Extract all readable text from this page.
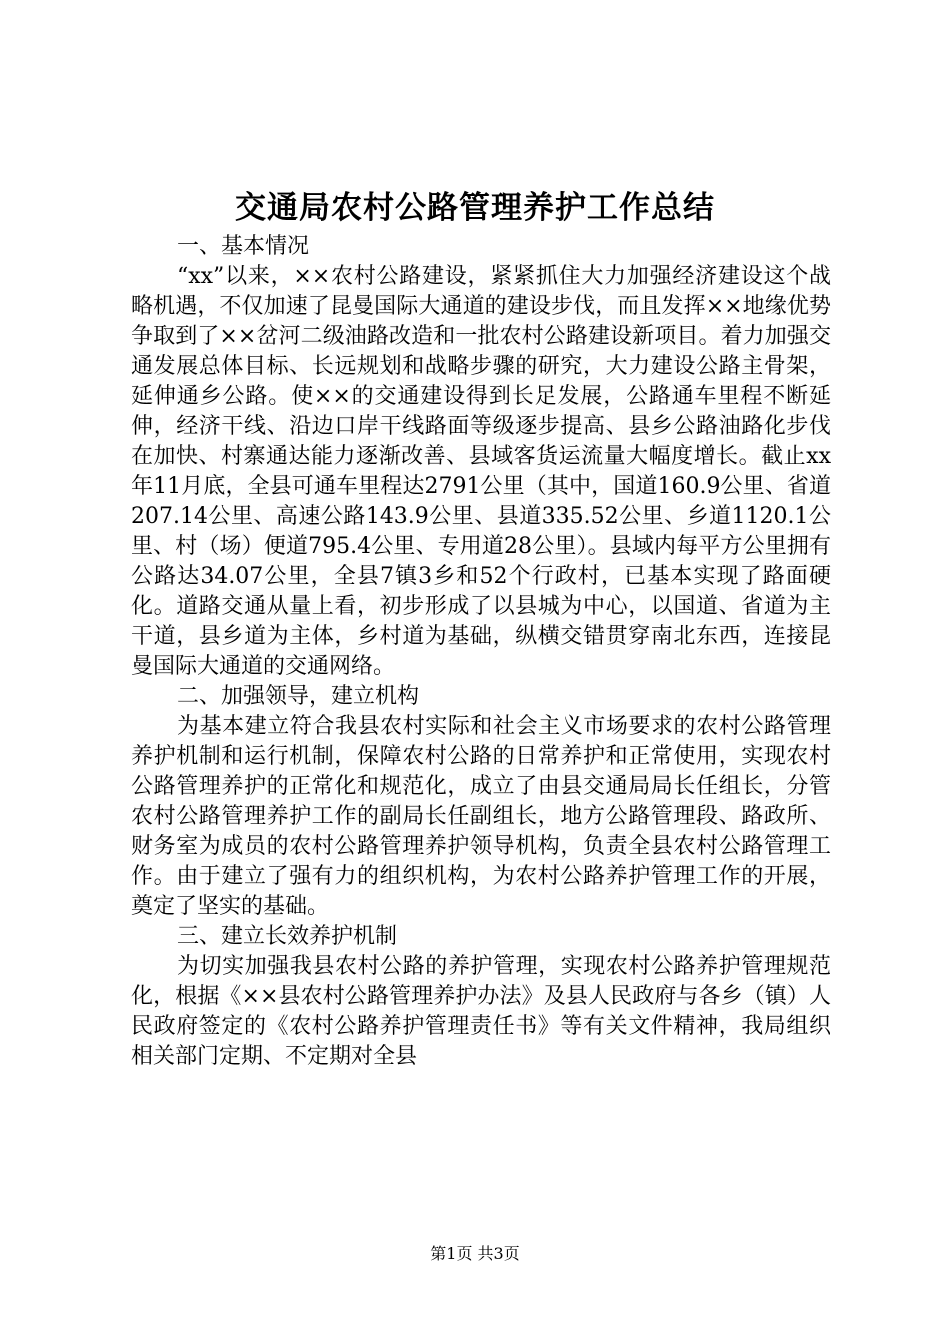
交通局农村公路管理养护工作总结

一、基本情况

“xx”以来，××农村公路建设，紧紧抓住大力加强经济建设这个战略机遇，不仅加速了昆曼国际大通道的建设步伐，而且发挥××地缘优势争取到了××岔河二级油路改造和一批农村公路建设新项目。着力加强交通发展总体目标、长远规划和战略步骤的研究，大力建设公路主骨架，延伸通乡公路。使××的交通建设得到长足发展，公路通车里程不断延伸，经济干线、沿边口岸干线路面等级逐步提高、县乡公路油路化步伐在加快、村寨通达能力逐渐改善、县域客货运流量大幅度增长。截止xx年11月底，全县可通车里程达2791公里（其中，国道160.9公里、省道207.14公里、高速公路143.9公里、县道335.52公里、乡道1120.1公里、村（场）便道795.4公里、专用道28公里）。县域内每平方公里拥有公路达34.07公里，全县7镇3乡和52个行政村，已基本实现了路面硬化。道路交通从量上看，初步形成了以县城为中心，以国道、省道为主干道，县乡道为主体，乡村道为基础，纵横交错贯穿南北东西，连接昆曼国际大通道的交通网络。

二、加强领导，建立机构

为基本建立符合我县农村实际和社会主义市场要求的农村公路管理养护机制和运行机制，保障农村公路的日常养护和正常使用，实现农村公路管理养护的正常化和规范化，成立了由县交通局局长任组长，分管农村公路管理养护工作的副局长任副组长，地方公路管理段、路政所、财务室为成员的农村公路管理养护领导机构，负责全县农村公路管理工作。由于建立了强有力的组织机构，为农村公路养护管理工作的开展，奠定了坚实的基础。

三、建立长效养护机制

为切实加强我县农村公路的养护管理，实现农村公路养护管理规范化，根据《××县农村公路管理养护办法》及县人民政府与各乡（镇）人民政府签定的《农村公路养护管理责任书》等有关文件精神，我局组织相关部门定期、不定期对全县

第1页 共3页
